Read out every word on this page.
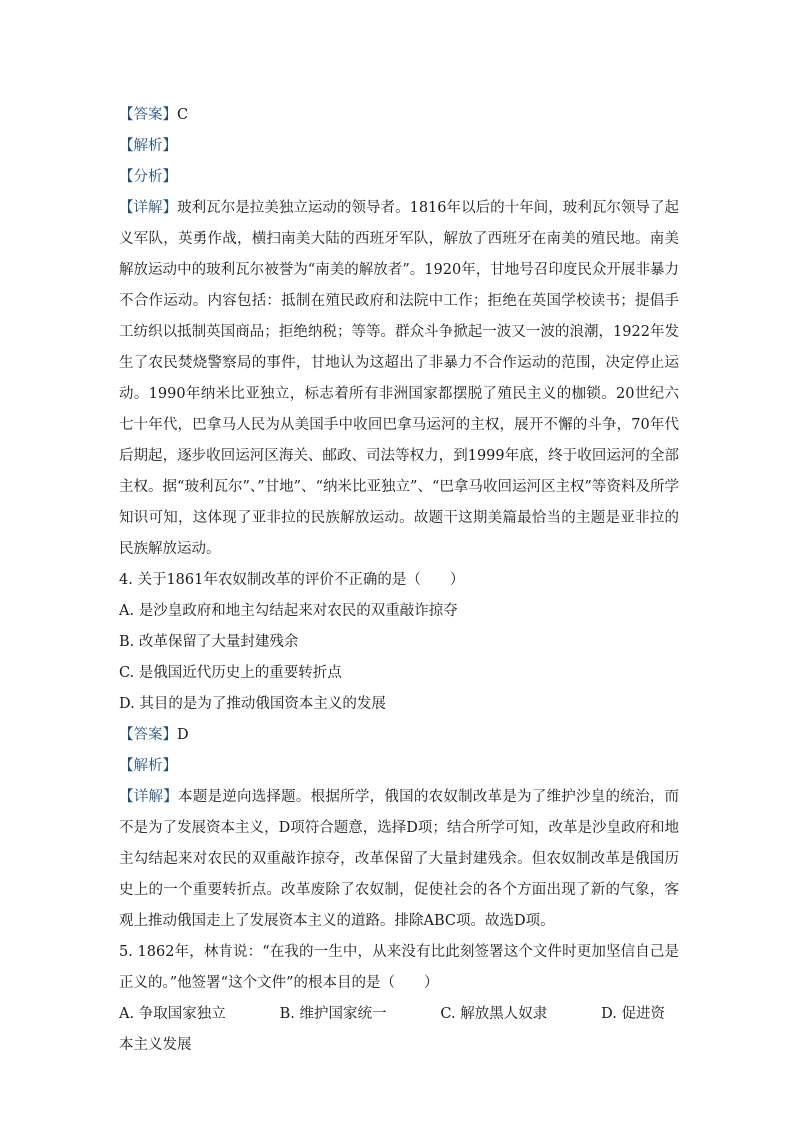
【答案】C
【解析】
【分析】
【详解】玻利瓦尔是拉美独立运动的领导者。1816年以后的十年间，玻利瓦尔领导了起义军队，英勇作战，横扫南美大陆的西班牙军队，解放了西班牙在南美的殖民地。南美解放运动中的玻利瓦尔被誉为“南美的解放者”。1920年，甘地号召印度民众开展非暴力不合作运动。内容包括：抵制在殖民政府和法院中工作；拒绝在英国学校读书；提倡手工纺织以抵制英国商品；拒绝纳税；等等。群众斗争掀起一波又一波的浪潮，1922年发生了农民焚烧警察局的事件，甘地认为这超出了非暴力不合作运动的范围，决定停止运动。1990年纳米比亚独立，标志着所有非洲国家都摆脱了殖民主义的枷锁。20世纪六七十年代，巴拿马人民为从美国手中收回巴拿马运河的主权，展开不懈的斗争，70年代后期起，逐步收回运河区海关、邮政、司法等权力，到1999年底，终于收回运河的全部主权。据“玻利瓦尔”、”甘地”、“纳米比亚独立”、“巴拿马收回运河区主权”等资料及所学知识可知，这体现了亚非拉的民族解放运动。故题干这期美篇最恰当的主题是亚非拉的民族解放运动。
4. 关于1861年农奴制改革的评价不正确的是（　　）
A. 是沙皇政府和地主勾结起来对农民的双重敲诈掠夺
B. 改革保留了大量封建残余
C. 是俄国近代历史上的重要转折点
D. 其目的是为了推动俄国资本主义的发展
【答案】D
【解析】
【详解】本题是逆向选择题。根据所学，俄国的农奴制改革是为了维护沙皇的统治，而不是为了发展资本主义，D项符合题意，选择D项；结合所学可知，改革是沙皇政府和地主勾结起来对农民的双重敲诈掠夺，改革保留了大量封建残余。但农奴制改革是俄国历史上的一个重要转折点。改革废除了农奴制，促使社会的各个方面出现了新的气象，客观上推动俄国走上了发展资本主义的道路。排除ABC项。故选D项。
5. 1862年，林肯说：“在我的一生中，从来没有比此刻签署这个文件时更加坚信自己是正义的。”他签署“这个文件”的根本目的是（　　）
A. 争取国家独立	B. 维护国家统一	C. 解放黑人奴隶	D. 促进资
本主义发展
